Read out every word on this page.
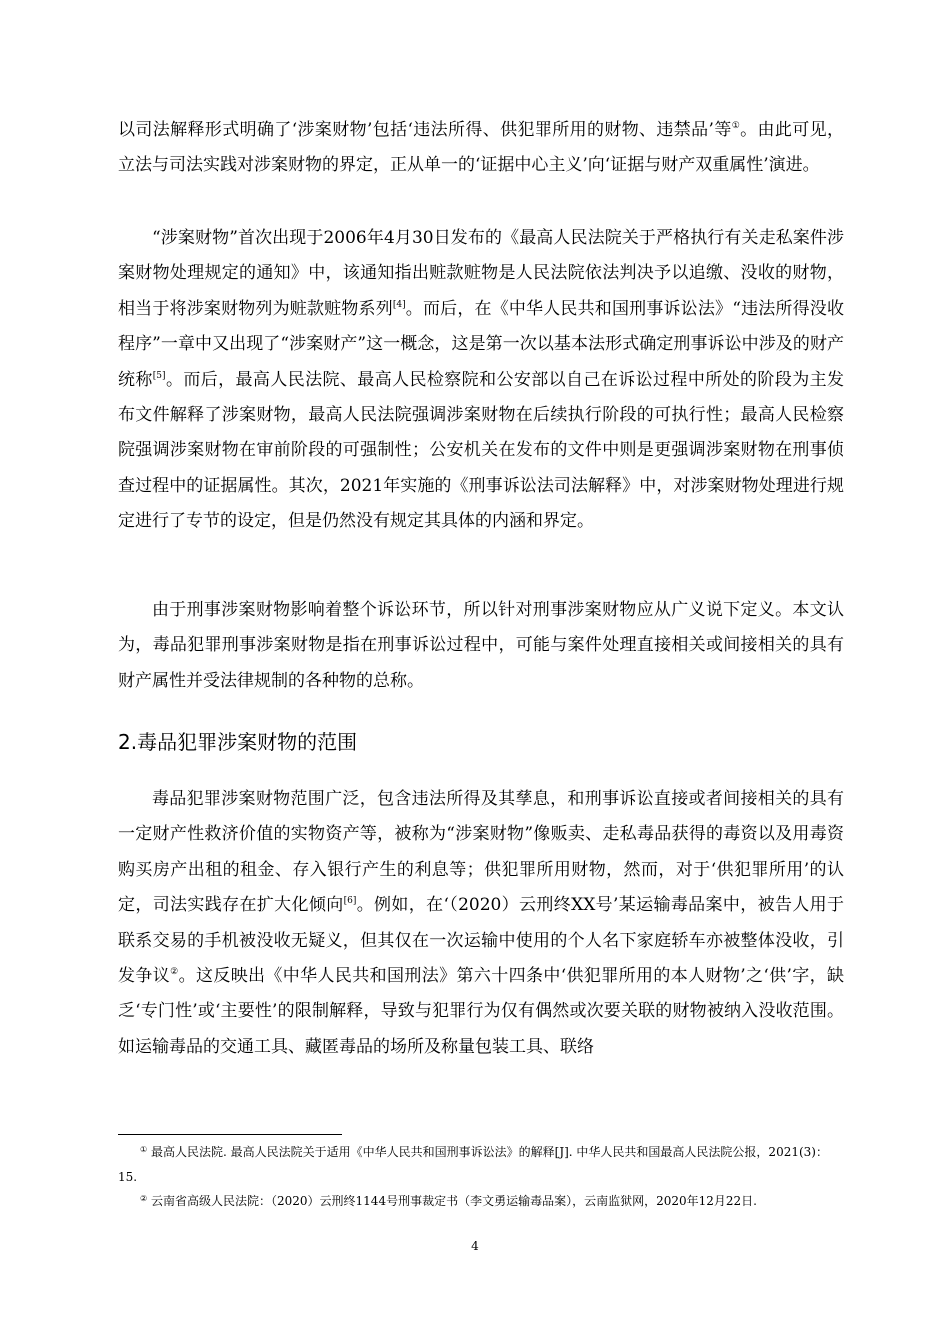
以司法解释形式明确了‘涉案财物’包括‘违法所得、供犯罪所用的财物、违禁品’等①。由此可见，立法与司法实践对涉案财物的界定，正从单一的‘证据中心主义’向‘证据与财产双重属性’演进。
“涉案财物”首次出现于2006年4月30日发布的《最高人民法院关于严格执行有关走私案件涉案财物处理规定的通知》中，该通知指出赃款赃物是人民法院依法判决予以追缴、没收的财物，相当于将涉案财物列为赃款赃物系列[4]。而后，在《中华人民共和国刑事诉讼法》“违法所得没收程序”一章中又出现了“涉案财产”这一概念，这是第一次以基本法形式确定刑事诉讼中涉及的财产统称[5]。而后，最高人民法院、最高人民检察院和公安部以自己在诉讼过程中所处的阶段为主发布文件解释了涉案财物，最高人民法院强调涉案财物在后续执行阶段的可执行性；最高人民检察院强调涉案财物在审前阶段的可强制性；公安机关在发布的文件中则是更强调涉案财物在刑事侦查过程中的证据属性。其次，2021年实施的《刑事诉讼法司法解释》中，对涉案财物处理进行规定进行了专节的设定，但是仍然没有规定其具体的内涵和界定。
由于刑事涉案财物影响着整个诉讼环节，所以针对刑事涉案财物应从广义说下定义。本文认为，毒品犯罪刑事涉案财物是指在刑事诉讼过程中，可能与案件处理直接相关或间接相关的具有财产属性并受法律规制的各种物的总称。
2.毒品犯罪涉案财物的范围
毒品犯罪涉案财物范围广泛，包含违法所得及其孳息，和刑事诉讼直接或者间接相关的具有一定财产性救济价值的实物资产等，被称为“涉案财物”像贩卖、走私毒品获得的毒资以及用毒资购买房产出租的租金、存入银行产生的利息等；供犯罪所用财物，然而，对于‘供犯罪所用’的认定，司法实践存在扩大化倾向[6]。例如，在‘（2020）云刑终XX号’某运输毒品案中，被告人用于联系交易的手机被没收无疑义，但其仅在一次运输中使用的个人名下家庭轿车亦被整体没收，引发争议②。这反映出《中华人民共和国刑法》第六十四条中‘供犯罪所用的本人财物’之‘供’字，缺乏‘专门性’或‘主要性’的限制解释，导致与犯罪行为仅有偶然或次要关联的财物被纳入没收范围。如运输毒品的交通工具、藏匿毒品的场所及称量包装工具、联络

① 最高人民法院. 最高人民法院关于适用《中华人民共和国刑事诉讼法》的解释[J]. 中华人民共和国最高人民法院公报，2021(3)：15.

② 云南省高级人民法院：（2020）云刑终1144号刑事裁定书（李文勇运输毒品案），云南监狱网，2020年12月22日.

4
